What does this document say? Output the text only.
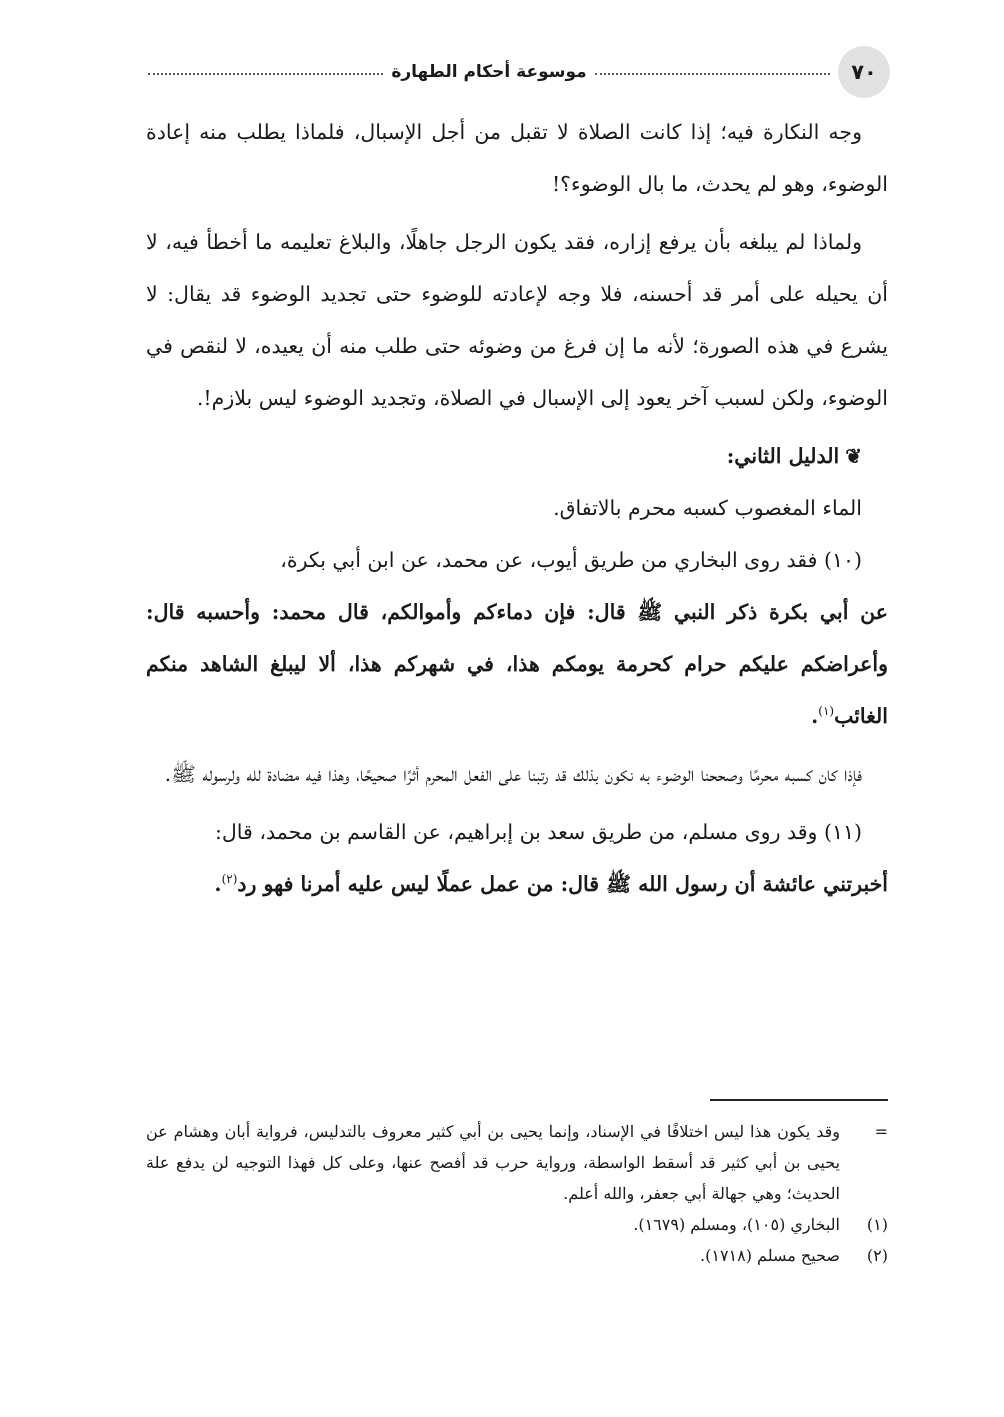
٧٠
موسوعة أحكام الطهارة

وجه النكارة فيه؛ إذا كانت الصلاة لا تقبل من أجل الإسبال، فلماذا يطلب منه إعادة الوضوء، وهو لم يحدث، ما بال الوضوء؟!

ولماذا لم يبلغه بأن يرفع إزاره، فقد يكون الرجل جاهلًا، والبلاغ تعليمه ما أخطأ فيه، لا أن يحيله على أمر قد أحسنه، فلا وجه لإعادته للوضوء حتى تجديد الوضوء قد يقال: لا يشرع في هذه الصورة؛ لأنه ما إن فرغ من وضوئه حتى طلب منه أن يعيده، لا لنقص في الوضوء، ولكن لسبب آخر يعود إلى الإسبال في الصلاة، وتجديد الوضوء ليس بلازم!.

❦الدليل الثاني:

الماء المغصوب كسبه محرم بالاتفاق.

(١٠) فقد روى البخاري من طريق أيوب، عن محمد، عن ابن أبي بكرة،

عن أبي بكرة ذكر النبي ﷺ قال: فإن دماءكم وأموالكم، قال محمد: وأحسبه قال: وأعراضكم عليكم حرام كحرمة يومكم هذا، في شهركم هذا، ألا ليبلغ الشاهد منكم الغائب$^{(١)}$.

فإذا كان كسبه محرمًا وصححنا الوضوء به نكون بذلك قد رتبنا على الفعل المحرم أثرًا صحيحًا، وهذا فيه مضادة لله ولرسوله ﷺ.

(١١) وقد روى مسلم، من طريق سعد بن إبراهيم، عن القاسم بن محمد، قال:

أخبرتني عائشة أن رسول الله ﷺ قال: من عمل عملًا ليس عليه أمرنا فهو رد$^{(٢)}$.

=
وقد يكون هذا ليس اختلافًا في الإسناد، وإنما يحيى بن أبي كثير معروف بالتدليس، فرواية أبان وهشام عن يحيى بن أبي كثير قد أسقط الواسطة، ورواية حرب قد أفصح عنها، وعلى كل فهذا التوجيه لن يدفع علة الحديث؛ وهي جهالة أبي جعفر، والله أعلم.
(١)
البخاري (١٠٥)، ومسلم (١٦٧٩).
(٢)
صحيح مسلم (١٧١٨).
